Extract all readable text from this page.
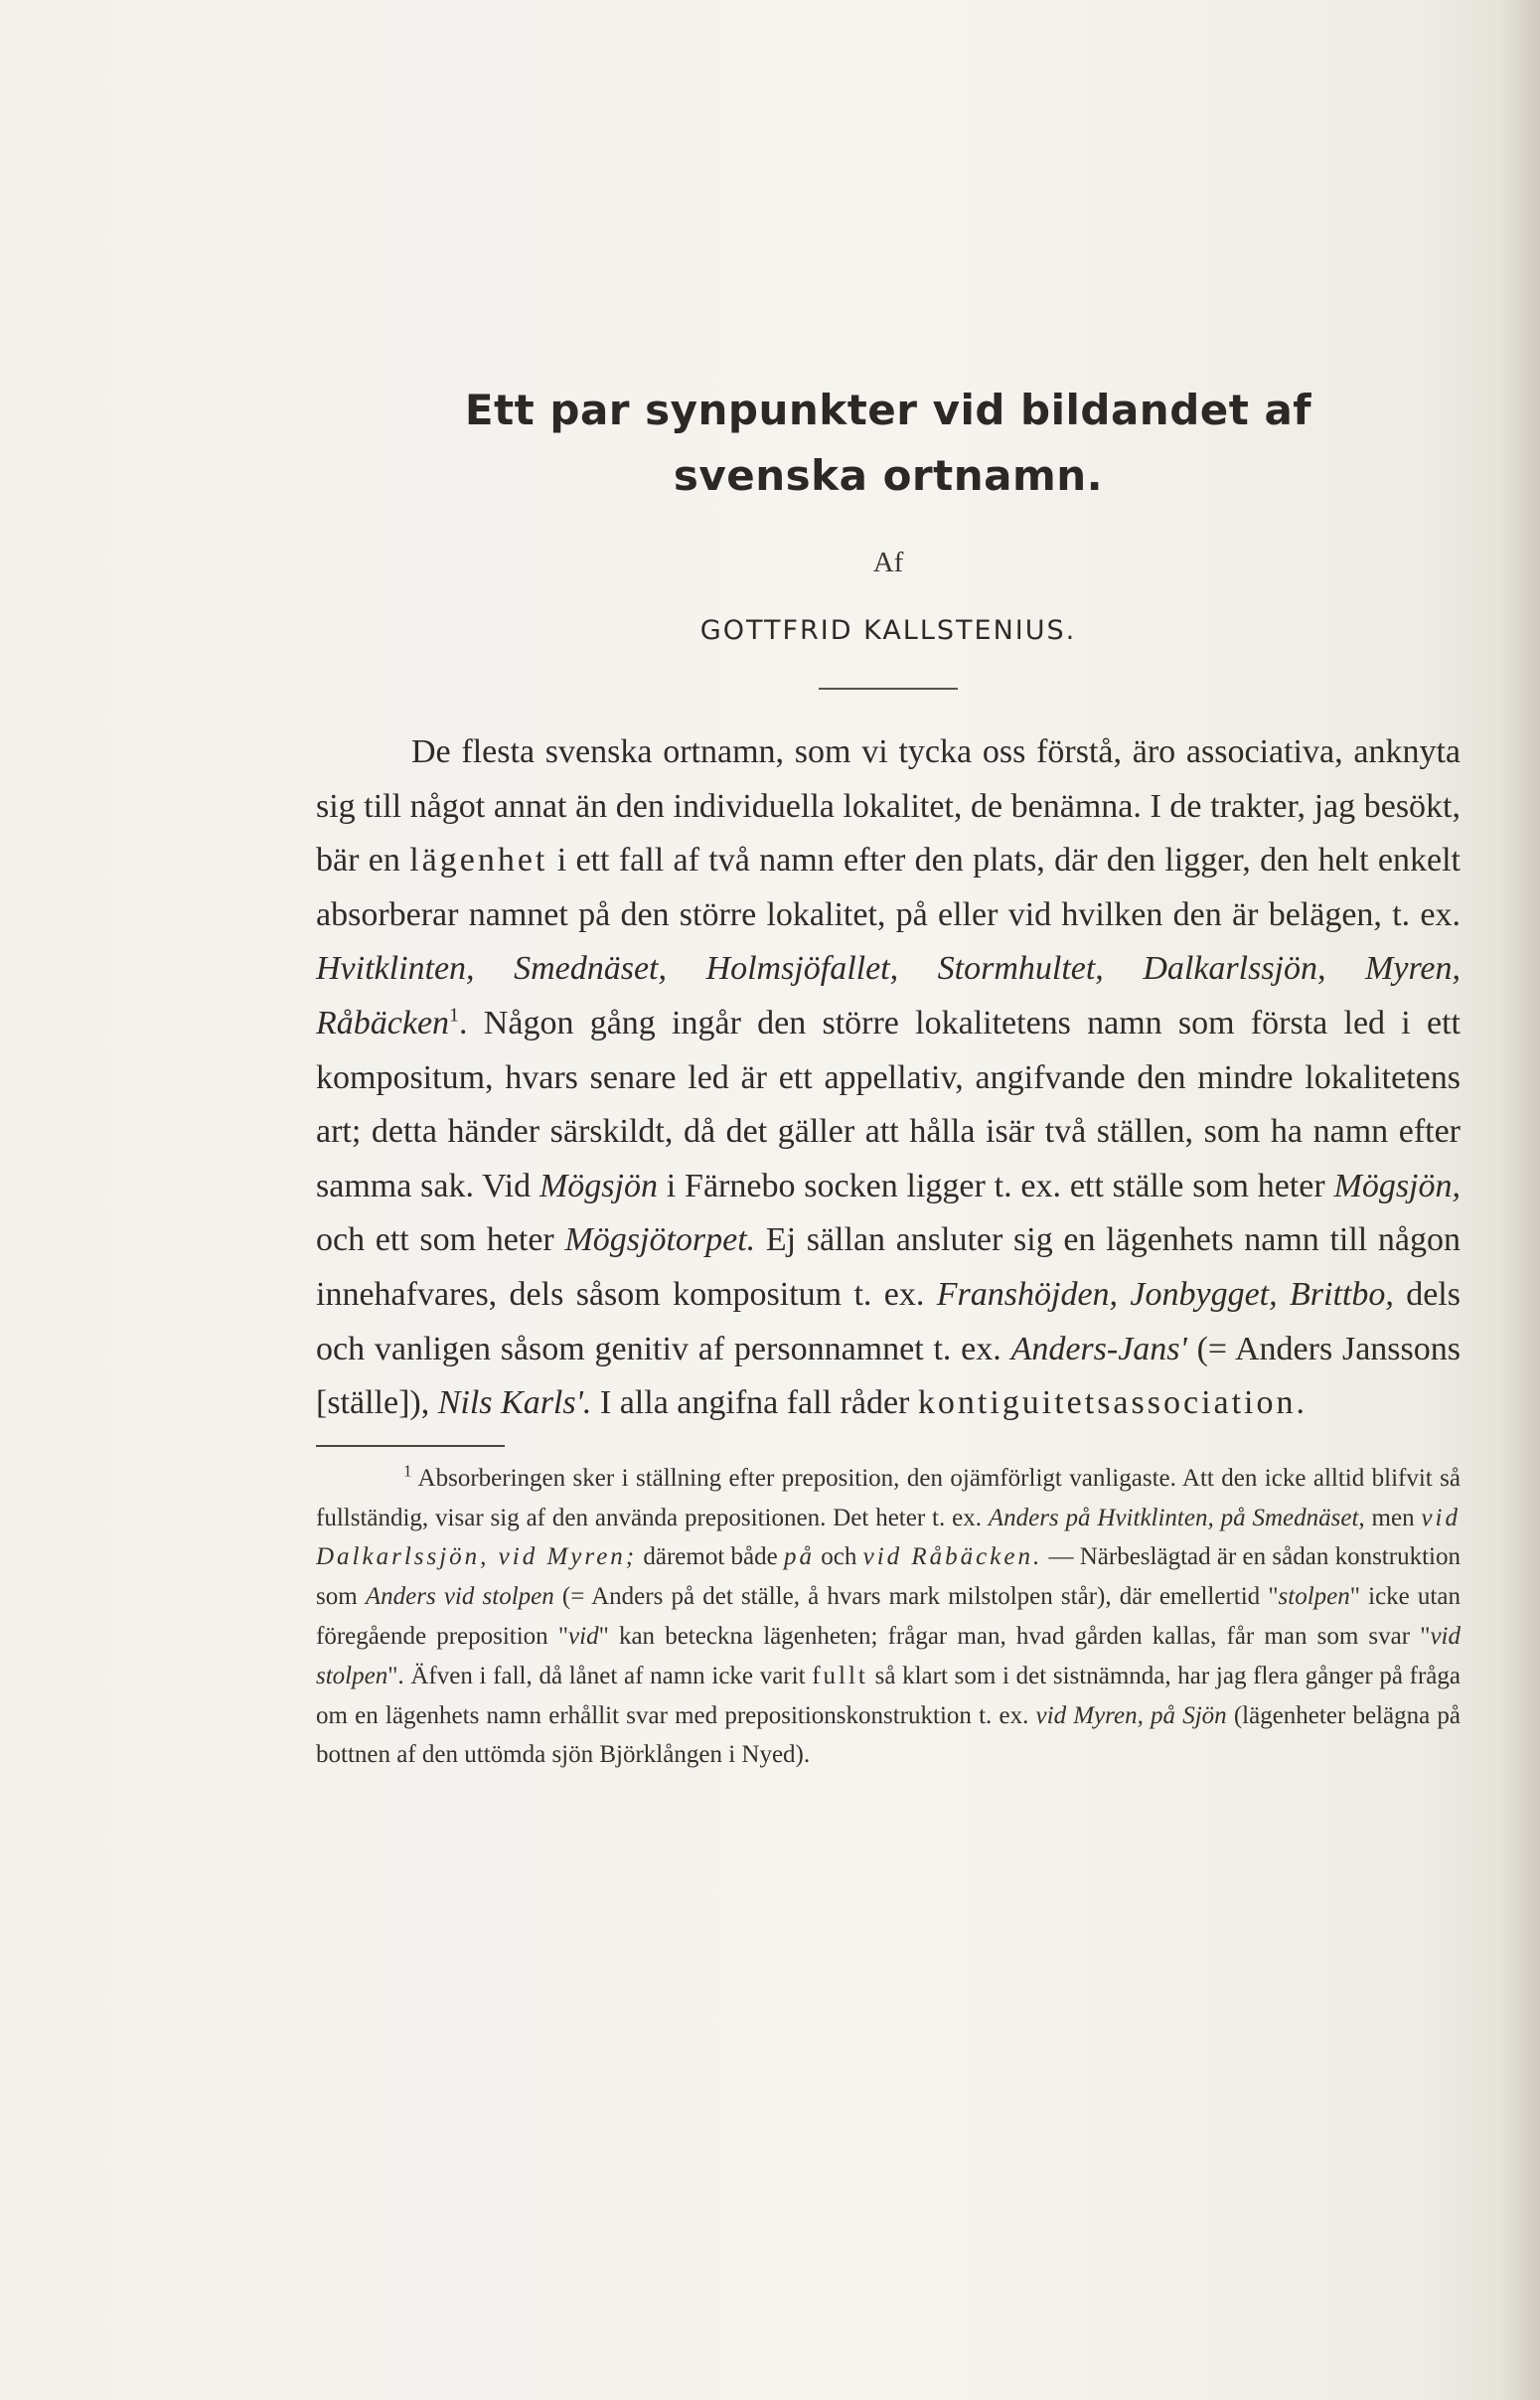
Ett par synpunkter vid bildandet af
svenska ortnamn.
Af
GOTTFRID KALLSTENIUS.

De flesta svenska ortnamn, som vi tycka oss förstå, äro associativa, anknyta sig till något annat än den individuella lokalitet, de benämna. I de trakter, jag besökt, bär en lägenhet i ett fall af två namn efter den plats, där den ligger, den helt enkelt absorberar namnet på den större lokalitet, på eller vid hvilken den är belägen, t. ex. Hvitklinten, Smednäset, Holmsjöfallet, Stormhultet, Dalkarlssjön, Myren, Råbäcken$^1$. Någon gång ingår den större lokalitetens namn som första led i ett kompositum, hvars senare led är ett appellativ, angifvande den mindre lokalitetens art; detta händer särskildt, då det gäller att hålla isär två ställen, som ha namn efter samma sak. Vid Mögsjön i Färnebo socken ligger t. ex. ett ställe som heter Mögsjön, och ett som heter Mögsjötorpet. Ej sällan ansluter sig en lägenhets namn till någon innehafvares, dels såsom kompositum t. ex. Franshöjden, Jonbygget, Brittbo, dels och vanligen såsom genitiv af personnamnet t. ex. Anders-Jans' (= Anders Janssons [ställe]), Nils Karls'. I alla angifna fall råder kontiguitetsassociation.

$^1$ Absorberingen sker i ställning efter preposition, den ojämförligt vanligaste. Att den icke alltid blifvit så fullständig, visar sig af den använda prepositionen. Det heter t. ex. Anders på Hvitklinten, på Smednäset, men vid Dalkarlssjön, vid Myren; däremot både på och vid Råbäcken. — Närbeslägtad är en sådan konstruktion som Anders vid stolpen (= Anders på det ställe, å hvars mark milstolpen står), där emellertid "stolpen" icke utan föregående preposition "vid" kan beteckna lägenheten; frågar man, hvad gården kallas, får man som svar "vid stolpen". Äfven i fall, då lånet af namn icke varit fullt så klart som i det sistnämnda, har jag flera gånger på fråga om en lägenhets namn erhållit svar med prepositionskonstruktion t. ex. vid Myren, på Sjön (lägenheter belägna på bottnen af den uttömda sjön Björklången i Nyed).
